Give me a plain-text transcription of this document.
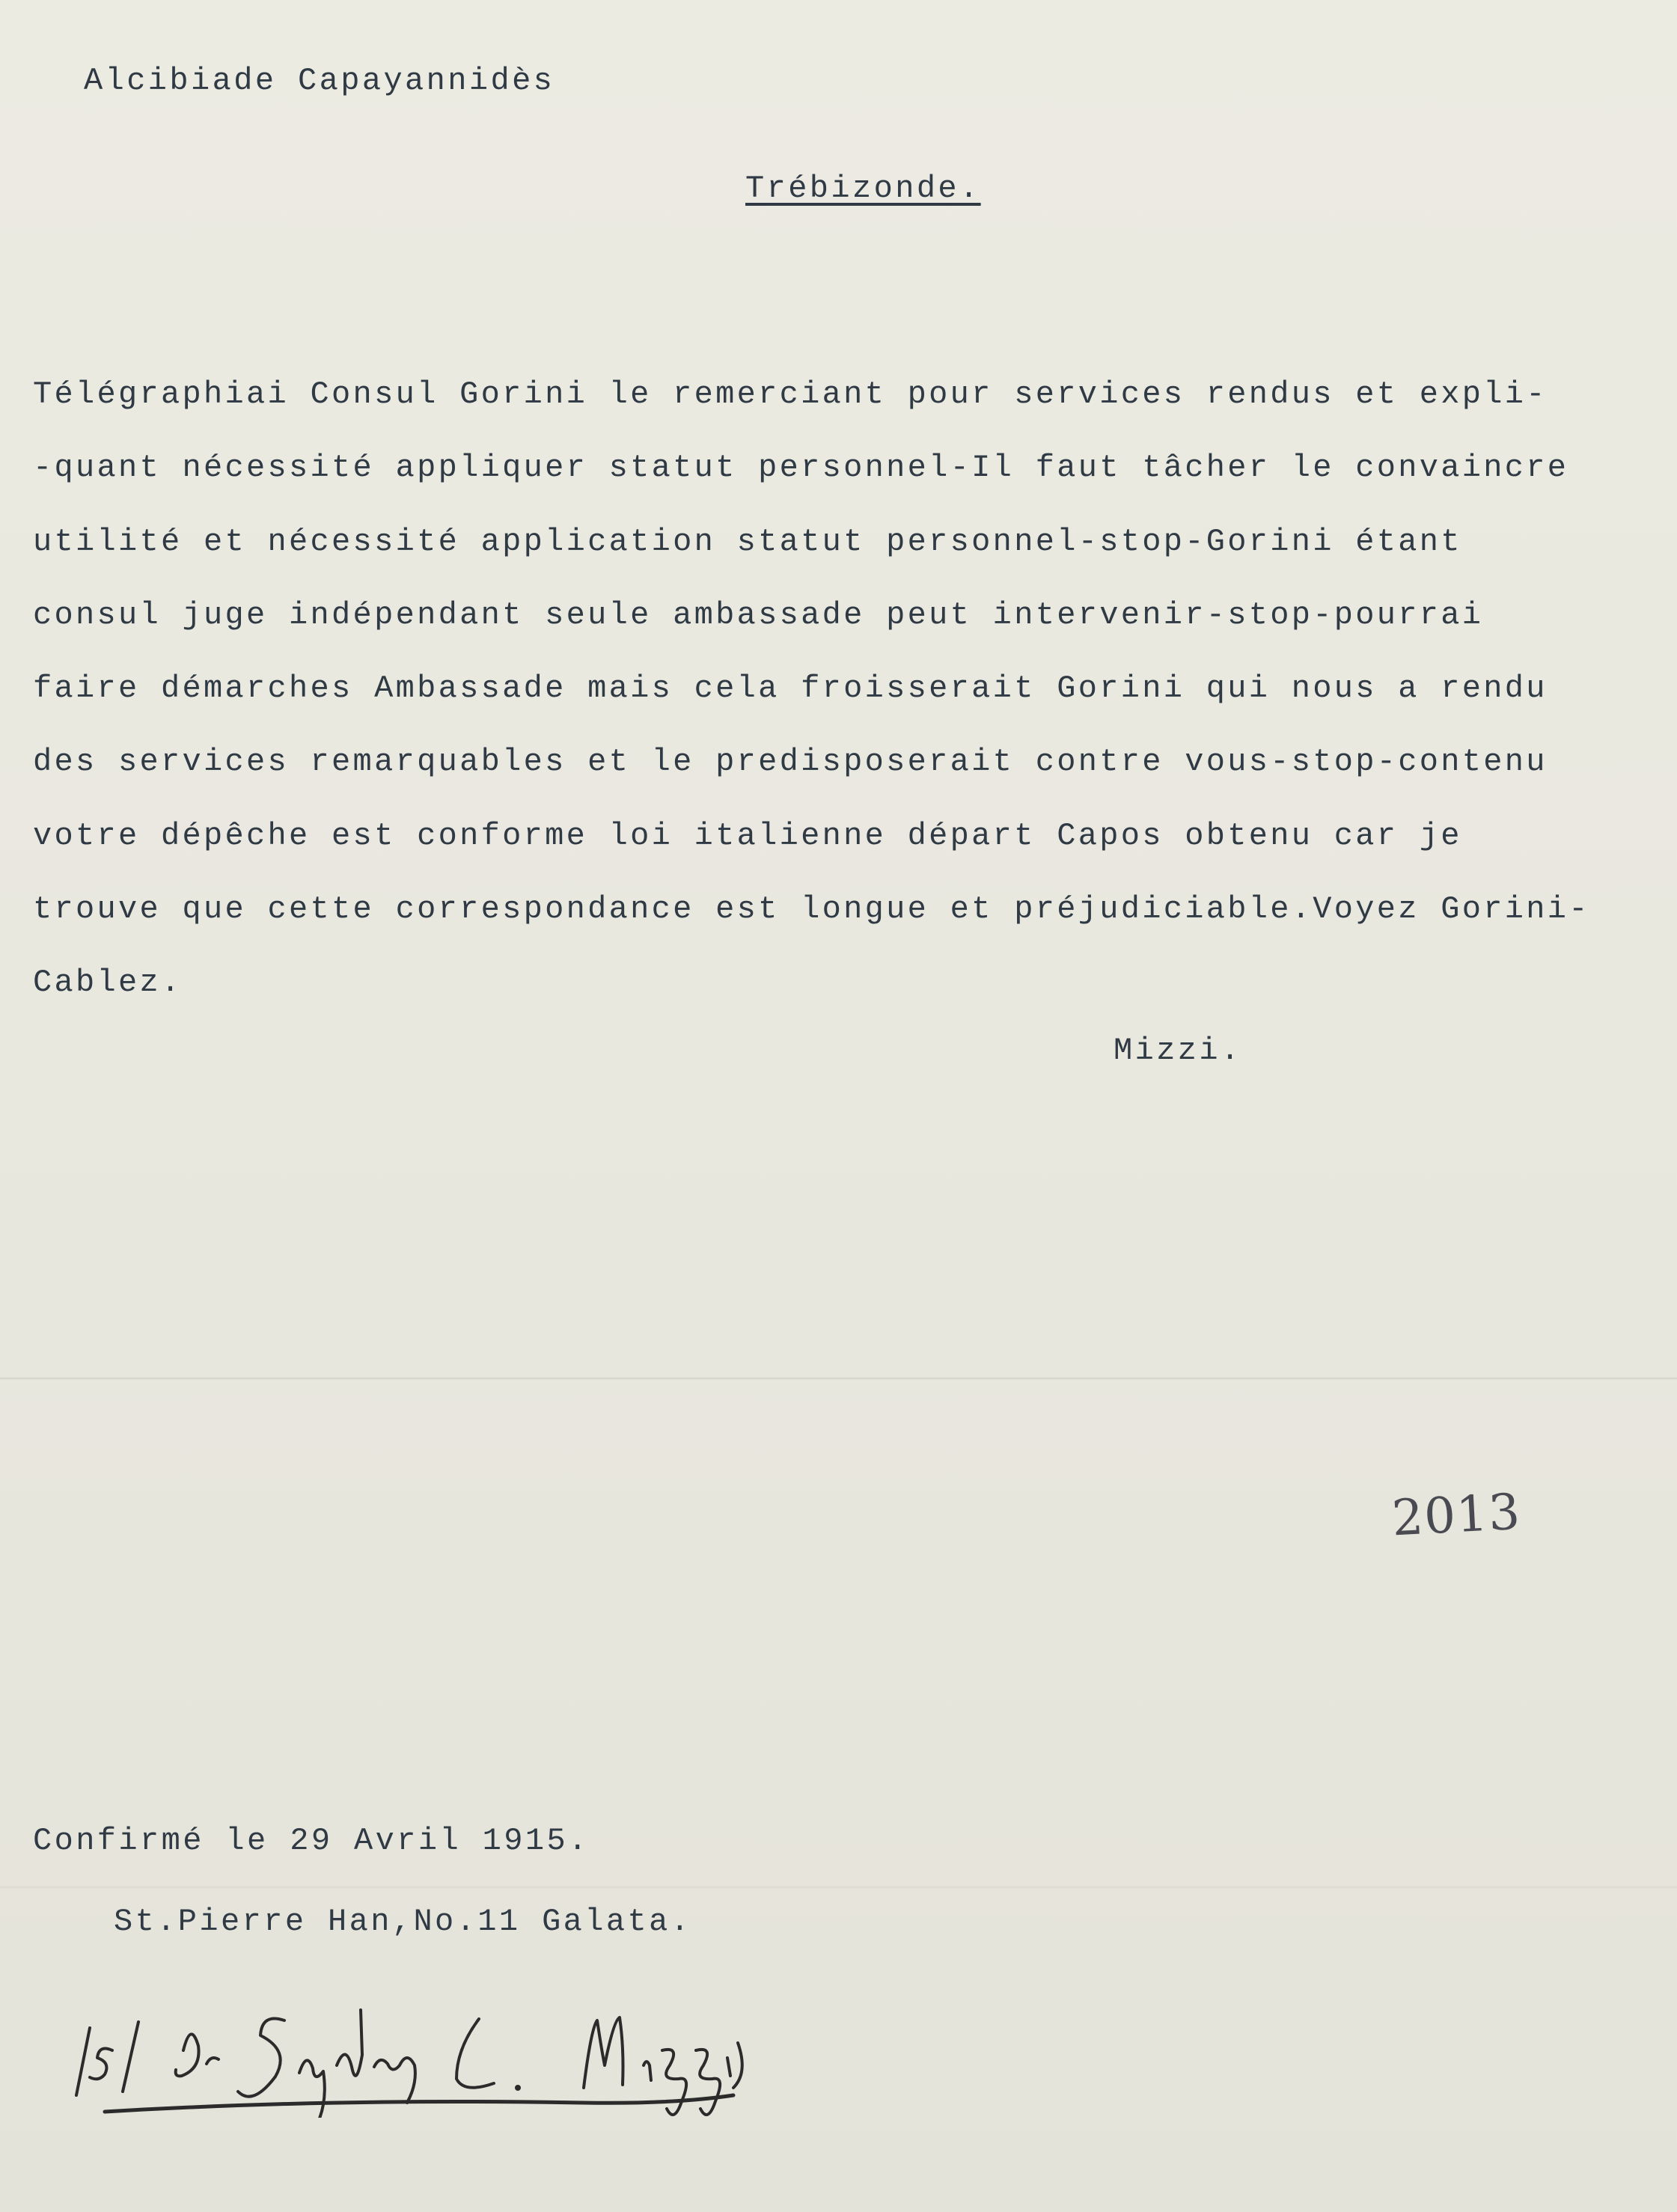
Alcibiade Capayannidès
Trébizonde.
Télégraphiai Consul Gorini le remerciant pour services rendus et expli-
-quant nécessité appliquer statut personnel-Il faut tâcher le convaincre
utilité et nécessité application statut personnel-stop-Gorini étant
consul juge indépendant seule ambassade peut intervenir-stop-pourrai
faire démarches Ambassade mais cela froisserait Gorini qui nous a rendu
des services remarquables et le predisposerait contre vous-stop-contenu
votre dépêche est conforme loi italienne départ Capos obtenu car je
trouve que cette correspondance est longue et préjudiciable.Voyez Gorini-
Cablez.
Mizzi.
2013
Confirmé le 29 Avril 1915.
St.Pierre Han,No.11 Galata.
